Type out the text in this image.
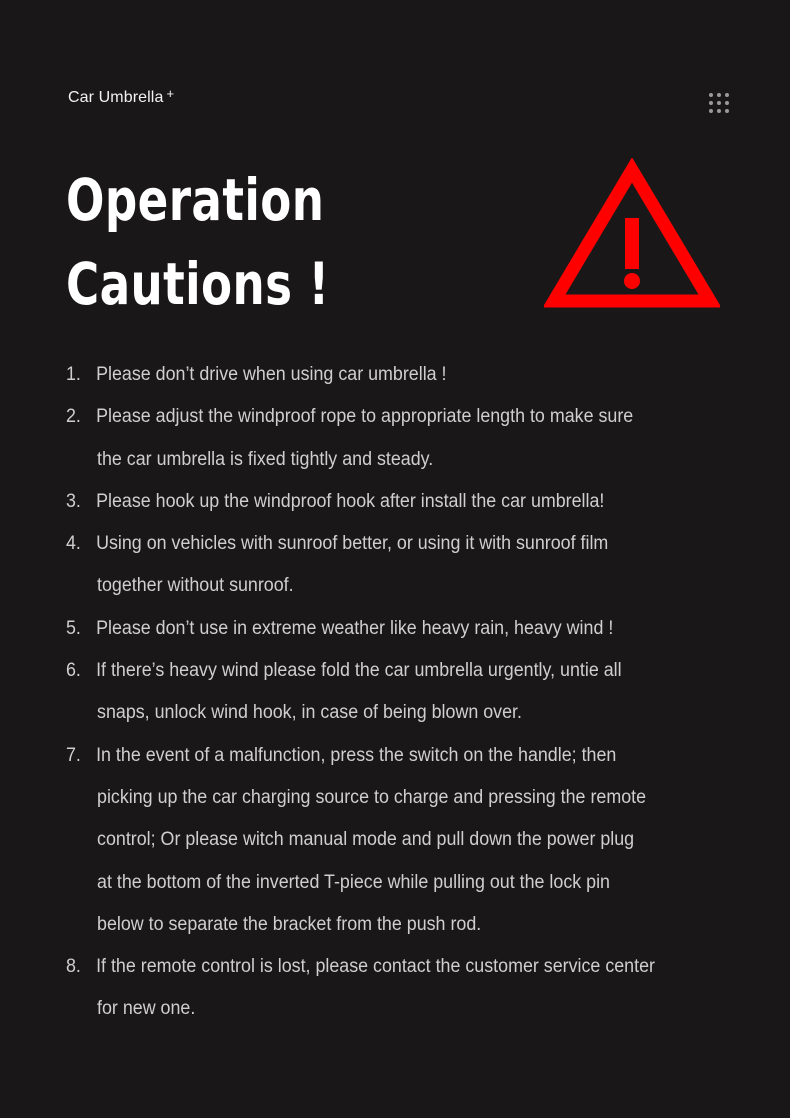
Car Umbrella +
Operation
Cautions !
1. Please don’t drive when using car umbrella !
2. Please adjust the windproof rope to appropriate length to make sure
the car umbrella is fixed tightly and steady.
3. Please hook up the windproof hook after install the car umbrella!
4. Using on vehicles with sunroof better, or using it with sunroof film
together without sunroof.
5. Please don’t use in extreme weather like heavy rain, heavy wind !
6. If there’s heavy wind please fold the car umbrella urgently, untie all
snaps, unlock wind hook, in case of being blown over.
7. In the event of a malfunction, press the switch on the handle; then
picking up the car charging source to charge and pressing the remote
control; Or please witch manual mode and pull down the power plug
at the bottom of the inverted T-piece while pulling out the lock pin
below to separate the bracket from the push rod.
8. If the remote control is lost, please contact the customer service center
for new one.
